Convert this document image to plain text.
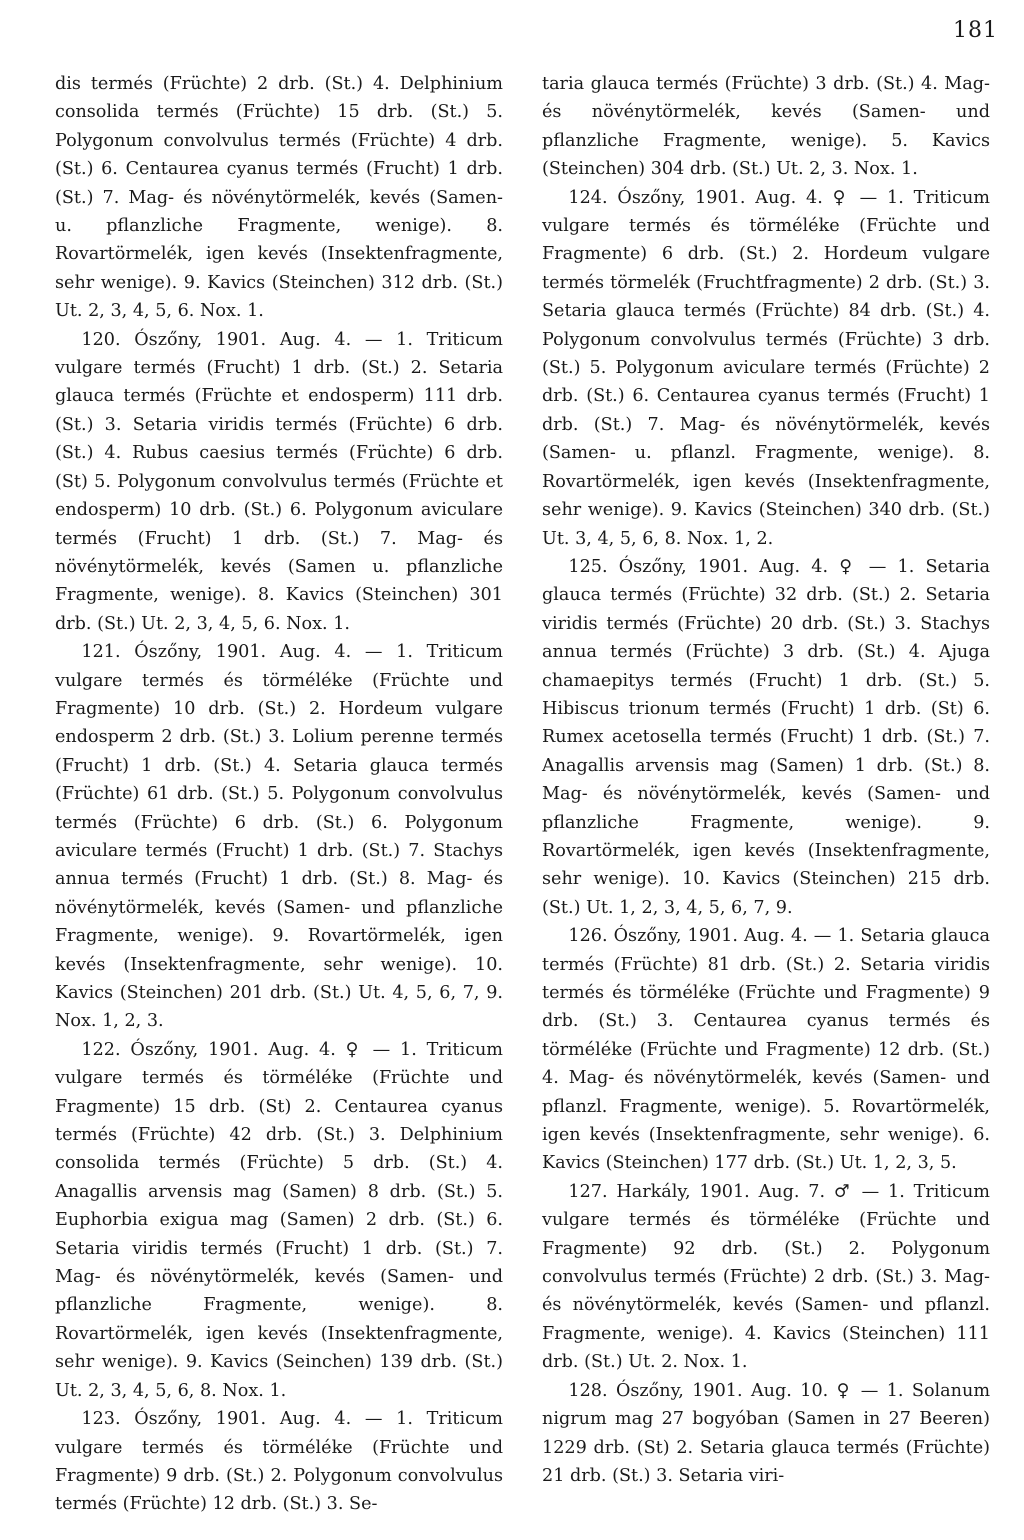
181

dis termés (Früchte) 2 drb. (St.) 4. Delphinium consolida termés (Früchte) 15 drb. (St.) 5. Polygonum convolvulus termés (Früchte) 4 drb. (St.) 6. Centaurea cyanus termés (Frucht) 1 drb. (St.) 7. Mag- és növénytörmelék, kevés (Samen- u. pflanzliche Fragmente, wenige). 8. Rovartörmelék, igen kevés (Insektenfragmente, sehr wenige). 9. Kavics (Steinchen) 312 drb. (St.) Ut. 2, 3, 4, 5, 6. Nox. 1.

120. Ószőny, 1901. Aug. 4. — 1. Triticum vulgare termés (Frucht) 1 drb. (St.) 2. Setaria glauca termés (Früchte et endosperm) 111 drb. (St.) 3. Setaria viridis termés (Früchte) 6 drb. (St.) 4. Rubus caesius termés (Früchte) 6 drb. (St) 5. Polygonum convolvulus termés (Früchte et endosperm) 10 drb. (St.) 6. Polygonum aviculare termés (Frucht) 1 drb. (St.) 7. Mag- és növénytörmelék, kevés (Samen u. pflanzliche Fragmente, wenige). 8. Kavics (Steinchen) 301 drb. (St.) Ut. 2, 3, 4, 5, 6. Nox. 1.

121. Ószőny, 1901. Aug. 4. — 1. Triticum vulgare termés és törméléke (Früchte und Fragmente) 10 drb. (St.) 2. Hordeum vulgare endosperm 2 drb. (St.) 3. Lolium perenne termés (Frucht) 1 drb. (St.) 4. Setaria glauca termés (Früchte) 61 drb. (St.) 5. Polygonum convolvulus termés (Früchte) 6 drb. (St.) 6. Polygonum aviculare termés (Frucht) 1 drb. (St.) 7. Stachys annua termés (Frucht) 1 drb. (St.) 8. Mag- és növénytörmelék, kevés (Samen- und pflanzliche Fragmente, wenige). 9. Rovartörmelék, igen kevés (Insektenfragmente, sehr wenige). 10. Kavics (Steinchen) 201 drb. (St.) Ut. 4, 5, 6, 7, 9. Nox. 1, 2, 3.

122. Ószőny, 1901. Aug. 4. ♀ — 1. Triticum vulgare termés és törméléke (Früchte und Fragmente) 15 drb. (St) 2. Centaurea cyanus termés (Früchte) 42 drb. (St.) 3. Delphinium consolida termés (Früchte) 5 drb. (St.) 4. Anagallis arvensis mag (Samen) 8 drb. (St.) 5. Euphorbia exigua mag (Samen) 2 drb. (St.) 6. Setaria viridis termés (Frucht) 1 drb. (St.) 7. Mag- és növénytörmelék, kevés (Samen- und pflanzliche Fragmente, wenige). 8. Rovartörmelék, igen kevés (Insektenfragmente, sehr wenige). 9. Kavics (Seinchen) 139 drb. (St.) Ut. 2, 3, 4, 5, 6, 8. Nox. 1.

123. Ószőny, 1901. Aug. 4. — 1. Triticum vulgare termés és törméléke (Früchte und Fragmente) 9 drb. (St.) 2. Polygonum convolvulus termés (Früchte) 12 drb. (St.) 3. Se-

taria glauca termés (Früchte) 3 drb. (St.) 4. Mag- és növénytörmelék, kevés (Samen- und pflanzliche Fragmente, wenige). 5. Kavics (Steinchen) 304 drb. (St.) Ut. 2, 3. Nox. 1.

124. Ószőny, 1901. Aug. 4. ♀ — 1. Triticum vulgare termés és törméléke (Früchte und Fragmente) 6 drb. (St.) 2. Hordeum vulgare termés törmelék (Fruchtfragmente) 2 drb. (St.) 3. Setaria glauca termés (Früchte) 84 drb. (St.) 4. Polygonum convolvulus termés (Früchte) 3 drb. (St.) 5. Polygonum aviculare termés (Früchte) 2 drb. (St.) 6. Centaurea cyanus termés (Frucht) 1 drb. (St.) 7. Mag- és növénytörmelék, kevés (Samen- u. pflanzl. Fragmente, wenige). 8. Rovartörmelék, igen kevés (Insektenfragmente, sehr wenige). 9. Kavics (Steinchen) 340 drb. (St.) Ut. 3, 4, 5, 6, 8. Nox. 1, 2.

125. Ószőny, 1901. Aug. 4. ♀ — 1. Setaria glauca termés (Früchte) 32 drb. (St.) 2. Setaria viridis termés (Früchte) 20 drb. (St.) 3. Stachys annua termés (Früchte) 3 drb. (St.) 4. Ajuga chamaepitys termés (Frucht) 1 drb. (St.) 5. Hibiscus trionum termés (Frucht) 1 drb. (St) 6. Rumex acetosella termés (Frucht) 1 drb. (St.) 7. Anagallis arvensis mag (Samen) 1 drb. (St.) 8. Mag- és növénytörmelék, kevés (Samen- und pflanzliche Fragmente, wenige). 9. Rovartörmelék, igen kevés (Insektenfragmente, sehr wenige). 10. Kavics (Steinchen) 215 drb. (St.) Ut. 1, 2, 3, 4, 5, 6, 7, 9.

126. Ószőny, 1901. Aug. 4. — 1. Setaria glauca termés (Früchte) 81 drb. (St.) 2. Setaria viridis termés és törméléke (Früchte und Fragmente) 9 drb. (St.) 3. Centaurea cyanus termés és törméléke (Früchte und Fragmente) 12 drb. (St.) 4. Mag- és növénytörmelék, kevés (Samen- und pflanzl. Fragmente, wenige). 5. Rovartörmelék, igen kevés (Insektenfragmente, sehr wenige). 6. Kavics (Steinchen) 177 drb. (St.) Ut. 1, 2, 3, 5.

127. Harkály, 1901. Aug. 7. ♂ — 1. Triticum vulgare termés és törméléke (Früchte und Fragmente) 92 drb. (St.) 2. Polygonum convolvulus termés (Früchte) 2 drb. (St.) 3. Mag- és növénytörmelék, kevés (Samen- und pflanzl. Fragmente, wenige). 4. Kavics (Steinchen) 111 drb. (St.) Ut. 2. Nox. 1.

128. Ószőny, 1901. Aug. 10. ♀ — 1. Solanum nigrum mag 27 bogyóban (Samen in 27 Beeren) 1229 drb. (St) 2. Setaria glauca termés (Früchte) 21 drb. (St.) 3. Setaria viri-
